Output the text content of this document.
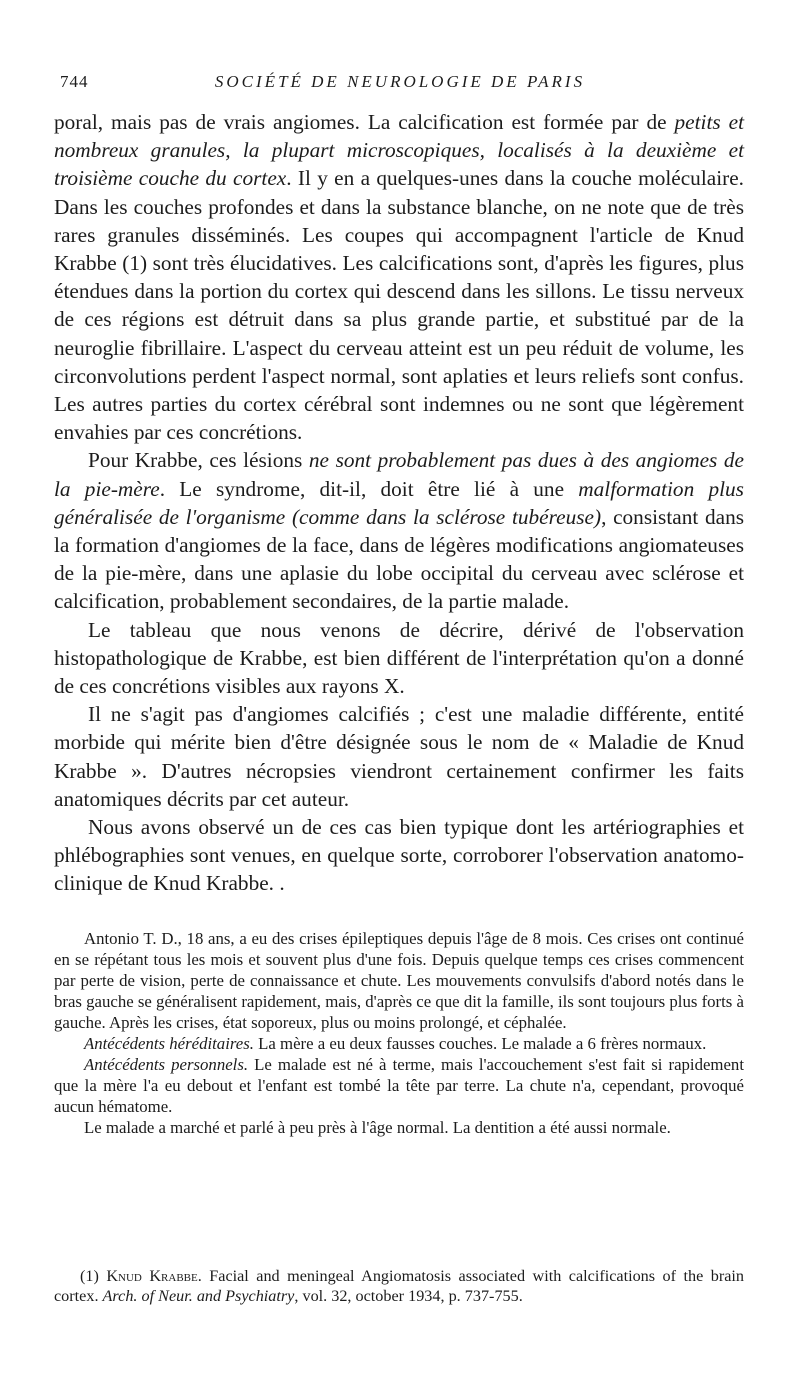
744	SOCIÉTÉ DE NEUROLOGIE DE PARIS

poral, mais pas de vrais angiomes. La calcification est formée par de petits et nombreux granules, la plupart microscopiques, localisés à la deuxième et troisième couche du cortex. Il y en a quelques-unes dans la couche moléculaire. Dans les couches profondes et dans la substance blanche, on ne note que de très rares granules disséminés. Les coupes qui accompagnent l'article de Knud Krabbe (1) sont très élucidatives. Les calcifications sont, d'après les figures, plus étendues dans la portion du cortex qui descend dans les sillons. Le tissu nerveux de ces régions est détruit dans sa plus grande partie, et substitué par de la neuroglie fibrillaire. L'aspect du cerveau atteint est un peu réduit de volume, les circonvolutions perdent l'aspect normal, sont aplaties et leurs reliefs sont confus. Les autres parties du cortex cérébral sont indemnes ou ne sont que légèrement envahies par ces concrétions.

Pour Krabbe, ces lésions ne sont probablement pas dues à des angiomes de la pie-mère. Le syndrome, dit-il, doit être lié à une malformation plus généralisée de l'organisme (comme dans la sclérose tubéreuse), consistant dans la formation d'angiomes de la face, dans de légères modifications angiomateuses de la pie-mère, dans une aplasie du lobe occipital du cerveau avec sclérose et calcification, probablement secondaires, de la partie malade.

Le tableau que nous venons de décrire, dérivé de l'observation histopathologique de Krabbe, est bien différent de l'interprétation qu'on a donné de ces concrétions visibles aux rayons X.

Il ne s'agit pas d'angiomes calcifiés ; c'est une maladie différente, entité morbide qui mérite bien d'être désignée sous le nom de « Maladie de Knud Krabbe ». D'autres nécropsies viendront certainement confirmer les faits anatomiques décrits par cet auteur.

Nous avons observé un de ces cas bien typique dont les artériographies et phlébographies sont venues, en quelque sorte, corroborer l'observation anatomo-clinique de Knud Krabbe. .

Antonio T. D., 18 ans, a eu des crises épileptiques depuis l'âge de 8 mois. Ces crises ont continué en se répétant tous les mois et souvent plus d'une fois. Depuis quelque temps ces crises commencent par perte de vision, perte de connaissance et chute. Les mouvements convulsifs d'abord notés dans le bras gauche se généralisent rapidement, mais, d'après ce que dit la famille, ils sont toujours plus forts à gauche. Après les crises, état soporeux, plus ou moins prolongé, et céphalée.

Antécédents héréditaires. La mère a eu deux fausses couches. Le malade a 6 frères normaux.

Antécédents personnels. Le malade est né à terme, mais l'accouchement s'est fait si rapidement que la mère l'a eu debout et l'enfant est tombé la tête par terre. La chute n'a, cependant, provoqué aucun hématome.

Le malade a marché et parlé à peu près à l'âge normal. La dentition a été aussi normale.

(1) Knud Krabbe. Facial and meningeal Angiomatosis associated with calcifications of the brain cortex. Arch. of Neur. and Psychiatry, vol. 32, october 1934, p. 737-755.
